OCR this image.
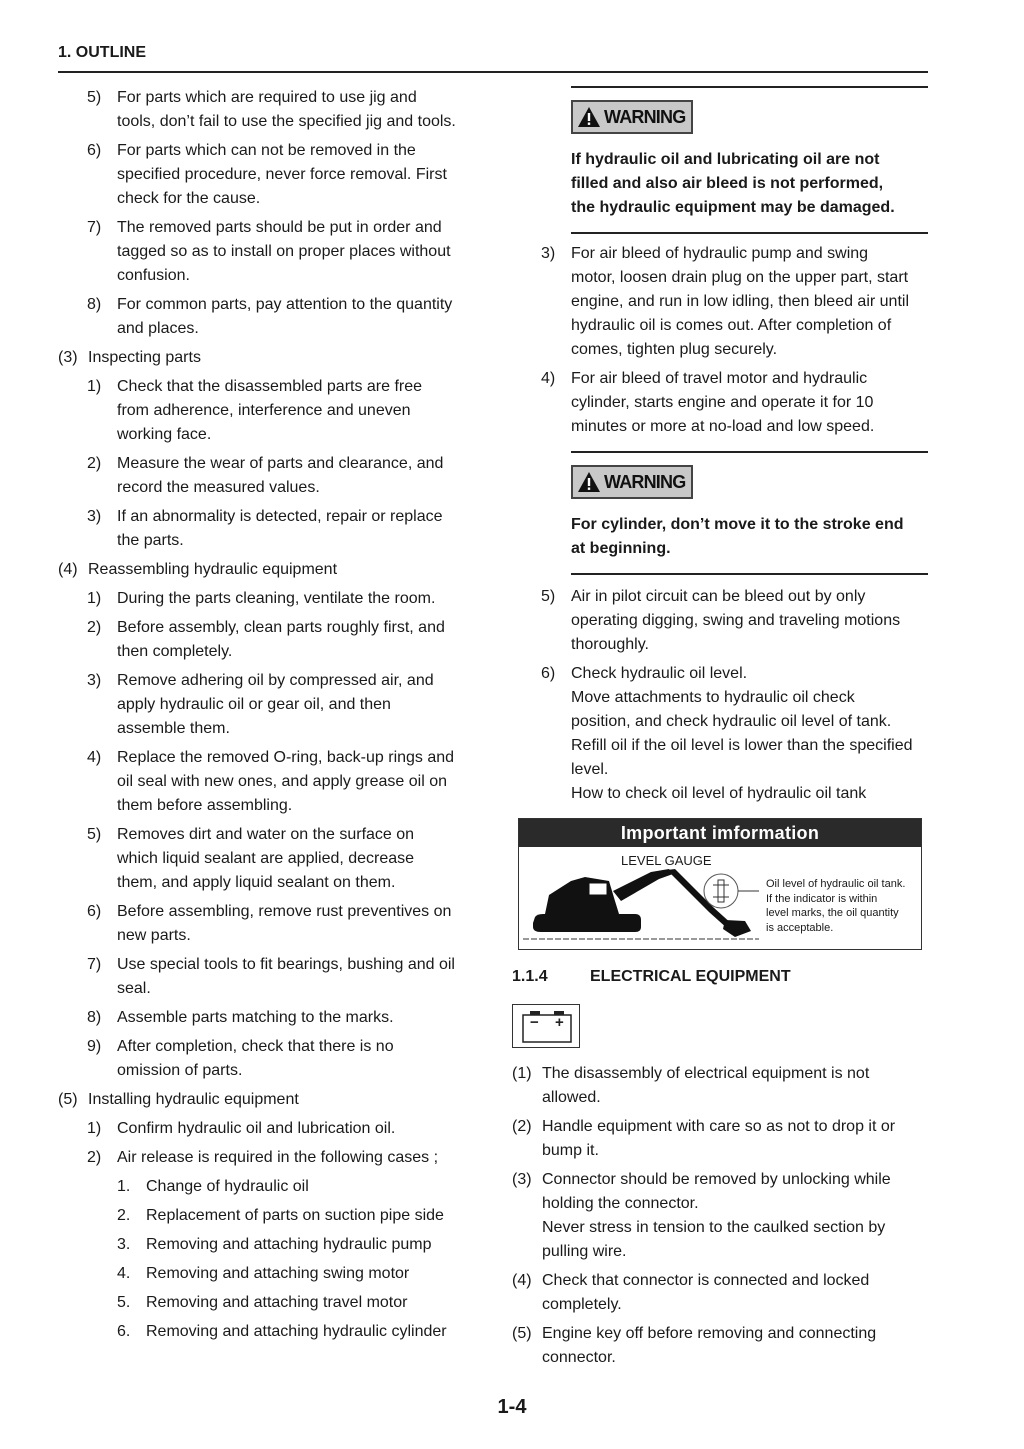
1. OUTLINE
5) For parts which are required to use jig and
tools, don’t fail to use the specified jig and tools.
6) For parts which can not be removed in the
specified procedure, never force removal. First
check for the cause.
7) The removed parts should be put in order and
tagged so as to install on proper places without
confusion.
8) For common parts, pay attention to the quantity
and places.
(3) Inspecting parts
1) Check that the disassembled parts are free
from adherence, interference and uneven
working face.
2) Measure the wear of parts and clearance, and
record the measured values.
3) If an abnormality is detected, repair or replace
the parts.
(4) Reassembling hydraulic equipment
1) During the parts cleaning, ventilate the room.
2) Before assembly, clean parts roughly first, and
then completely.
3) Remove adhering oil by compressed air, and
apply hydraulic oil or gear oil, and then
assemble them.
4) Replace the removed O-ring, back-up rings and
oil seal with new ones, and apply grease oil on
them before assembling.
5) Removes dirt and water on the surface on
which liquid sealant are applied, decrease
them, and apply liquid sealant on them.
6) Before assembling, remove rust preventives on
new parts.
7) Use special tools to fit bearings, bushing and oil
seal.
8) Assemble parts matching to the marks.
9) After completion, check that there is no
omission of parts.
(5) Installing hydraulic equipment
1) Confirm hydraulic oil and lubrication oil.
2) Air release is required in the following cases ;
1. Change of hydraulic oil
2. Replacement of parts on suction pipe side
3. Removing and attaching hydraulic pump
4. Removing and attaching swing motor
5. Removing and attaching travel motor
6. Removing and attaching hydraulic cylinder
WARNING
If hydraulic oil and lubricating oil are not
filled and also air bleed is not performed,
the hydraulic equipment may be damaged.
3) For air bleed of hydraulic pump and swing
motor, loosen drain plug on the upper part, start
engine, and run in low idling, then bleed air until
hydraulic oil is comes out. After completion of
comes, tighten plug securely.
4) For air bleed of travel motor and hydraulic
cylinder, starts engine and operate it for 10
minutes or more at no-load and low speed.
WARNING
For cylinder, don’t move it to the stroke end
at beginning.
5) Air in pilot circuit can be bleed out by only
operating digging, swing and traveling motions
thoroughly.
6) Check hydraulic oil level.
Move attachments to hydraulic oil check
position, and check hydraulic oil level of tank.
Refill oil if the oil level is lower than the specified
level.
How to check oil level of hydraulic oil tank
Important imformation
LEVEL GAUGE
Oil level of hydraulic oil tank.
If the indicator is within
level marks, the oil quantity
is acceptable.
1.1.4	ELECTRICAL EQUIPMENT
− +
(1) The disassembly of electrical equipment is not
allowed.
(2) Handle equipment with care so as not to drop it or
bump it.
(3) Connector should be removed by unlocking while
holding the connector.
Never stress in tension to the caulked section by
pulling wire.
(4) Check that connector is connected and locked
completely.
(5) Engine key off before removing and connecting
connector.
1-4
